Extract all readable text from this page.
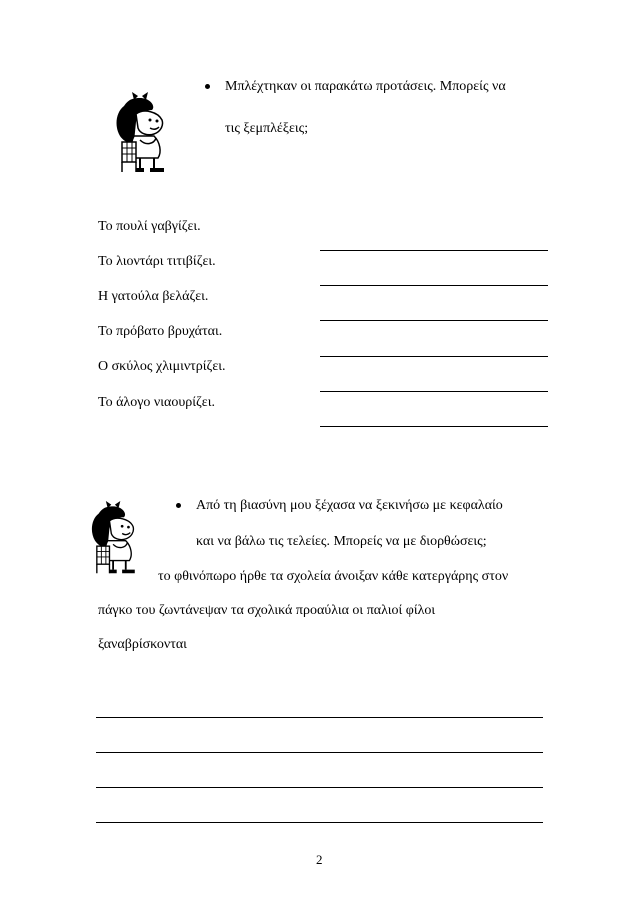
Μπλέχτηκαν οι παρακάτω προτάσεις. Μπορείς να
τις ξεμπλέξεις;
Το πουλί γαβγίζει.
Το λιοντάρι τιτιβίζει.
Η γατούλα βελάζει.
Το πρόβατο βρυχάται.
Ο σκύλος χλιμιντρίζει.
Το άλογο νιαουρίζει.
Από τη βιασύνη μου ξέχασα να ξεκινήσω με κεφαλαίο
και να βάλω τις τελείες. Μπορείς να με διορθώσεις;
το φθινόπωρο ήρθε τα σχολεία άνοιξαν κάθε κατεργάρης στον
πάγκο του ζωντάνεψαν τα σχολικά προαύλια οι παλιοί φίλοι
ξαναβρίσκονται
2
